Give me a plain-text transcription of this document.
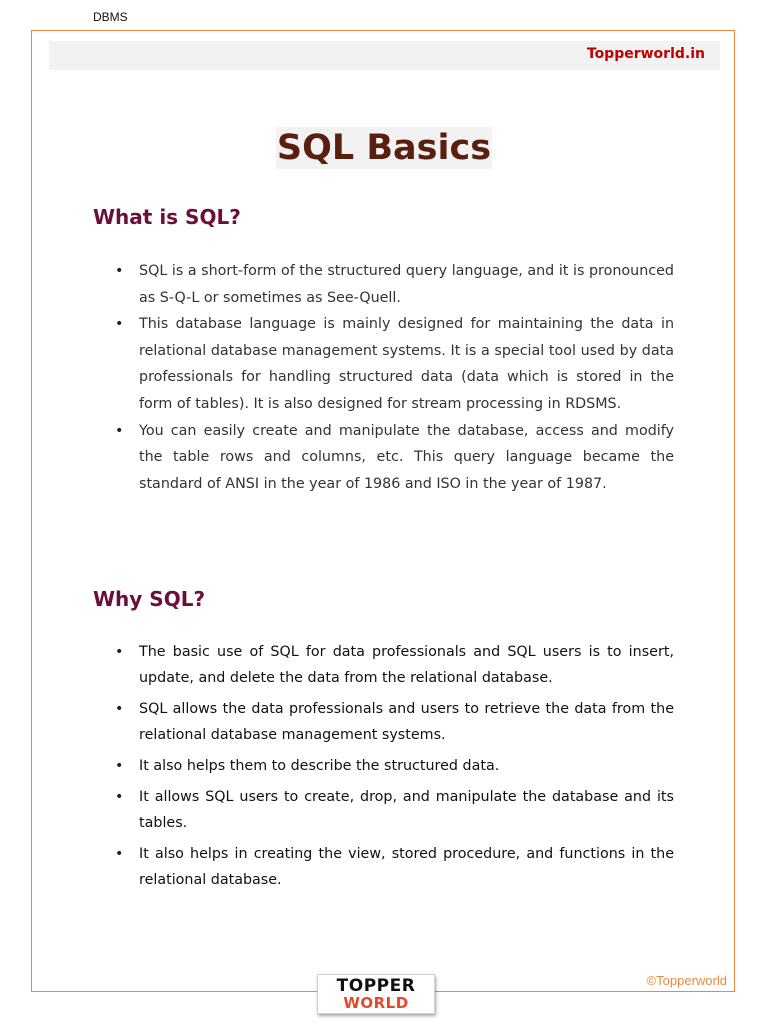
DBMS
Topperworld.in
SQL Basics
What is SQL?
• SQL is a short-form of the structured query language, and it is pronounced as S-Q-L or sometimes as See-Quell.
• This database language is mainly designed for maintaining the data in relational database management systems. It is a special tool used by data professionals for handling structured data (data which is stored in the form of tables). It is also designed for stream processing in RDSMS.
• You can easily create and manipulate the database, access and modify the table rows and columns, etc. This query language became the standard of ANSI in the year of 1986 and ISO in the year of 1987.
Why SQL?
• The basic use of SQL for data professionals and SQL users is to insert, update, and delete the data from the relational database.
• SQL allows the data professionals and users to retrieve the data from the relational database management systems.
• It also helps them to describe the structured data.
• It allows SQL users to create, drop, and manipulate the database and its tables.
• It also helps in creating the view, stored procedure, and functions in the relational database.
TOPPER
WORLD
©Topperworld
